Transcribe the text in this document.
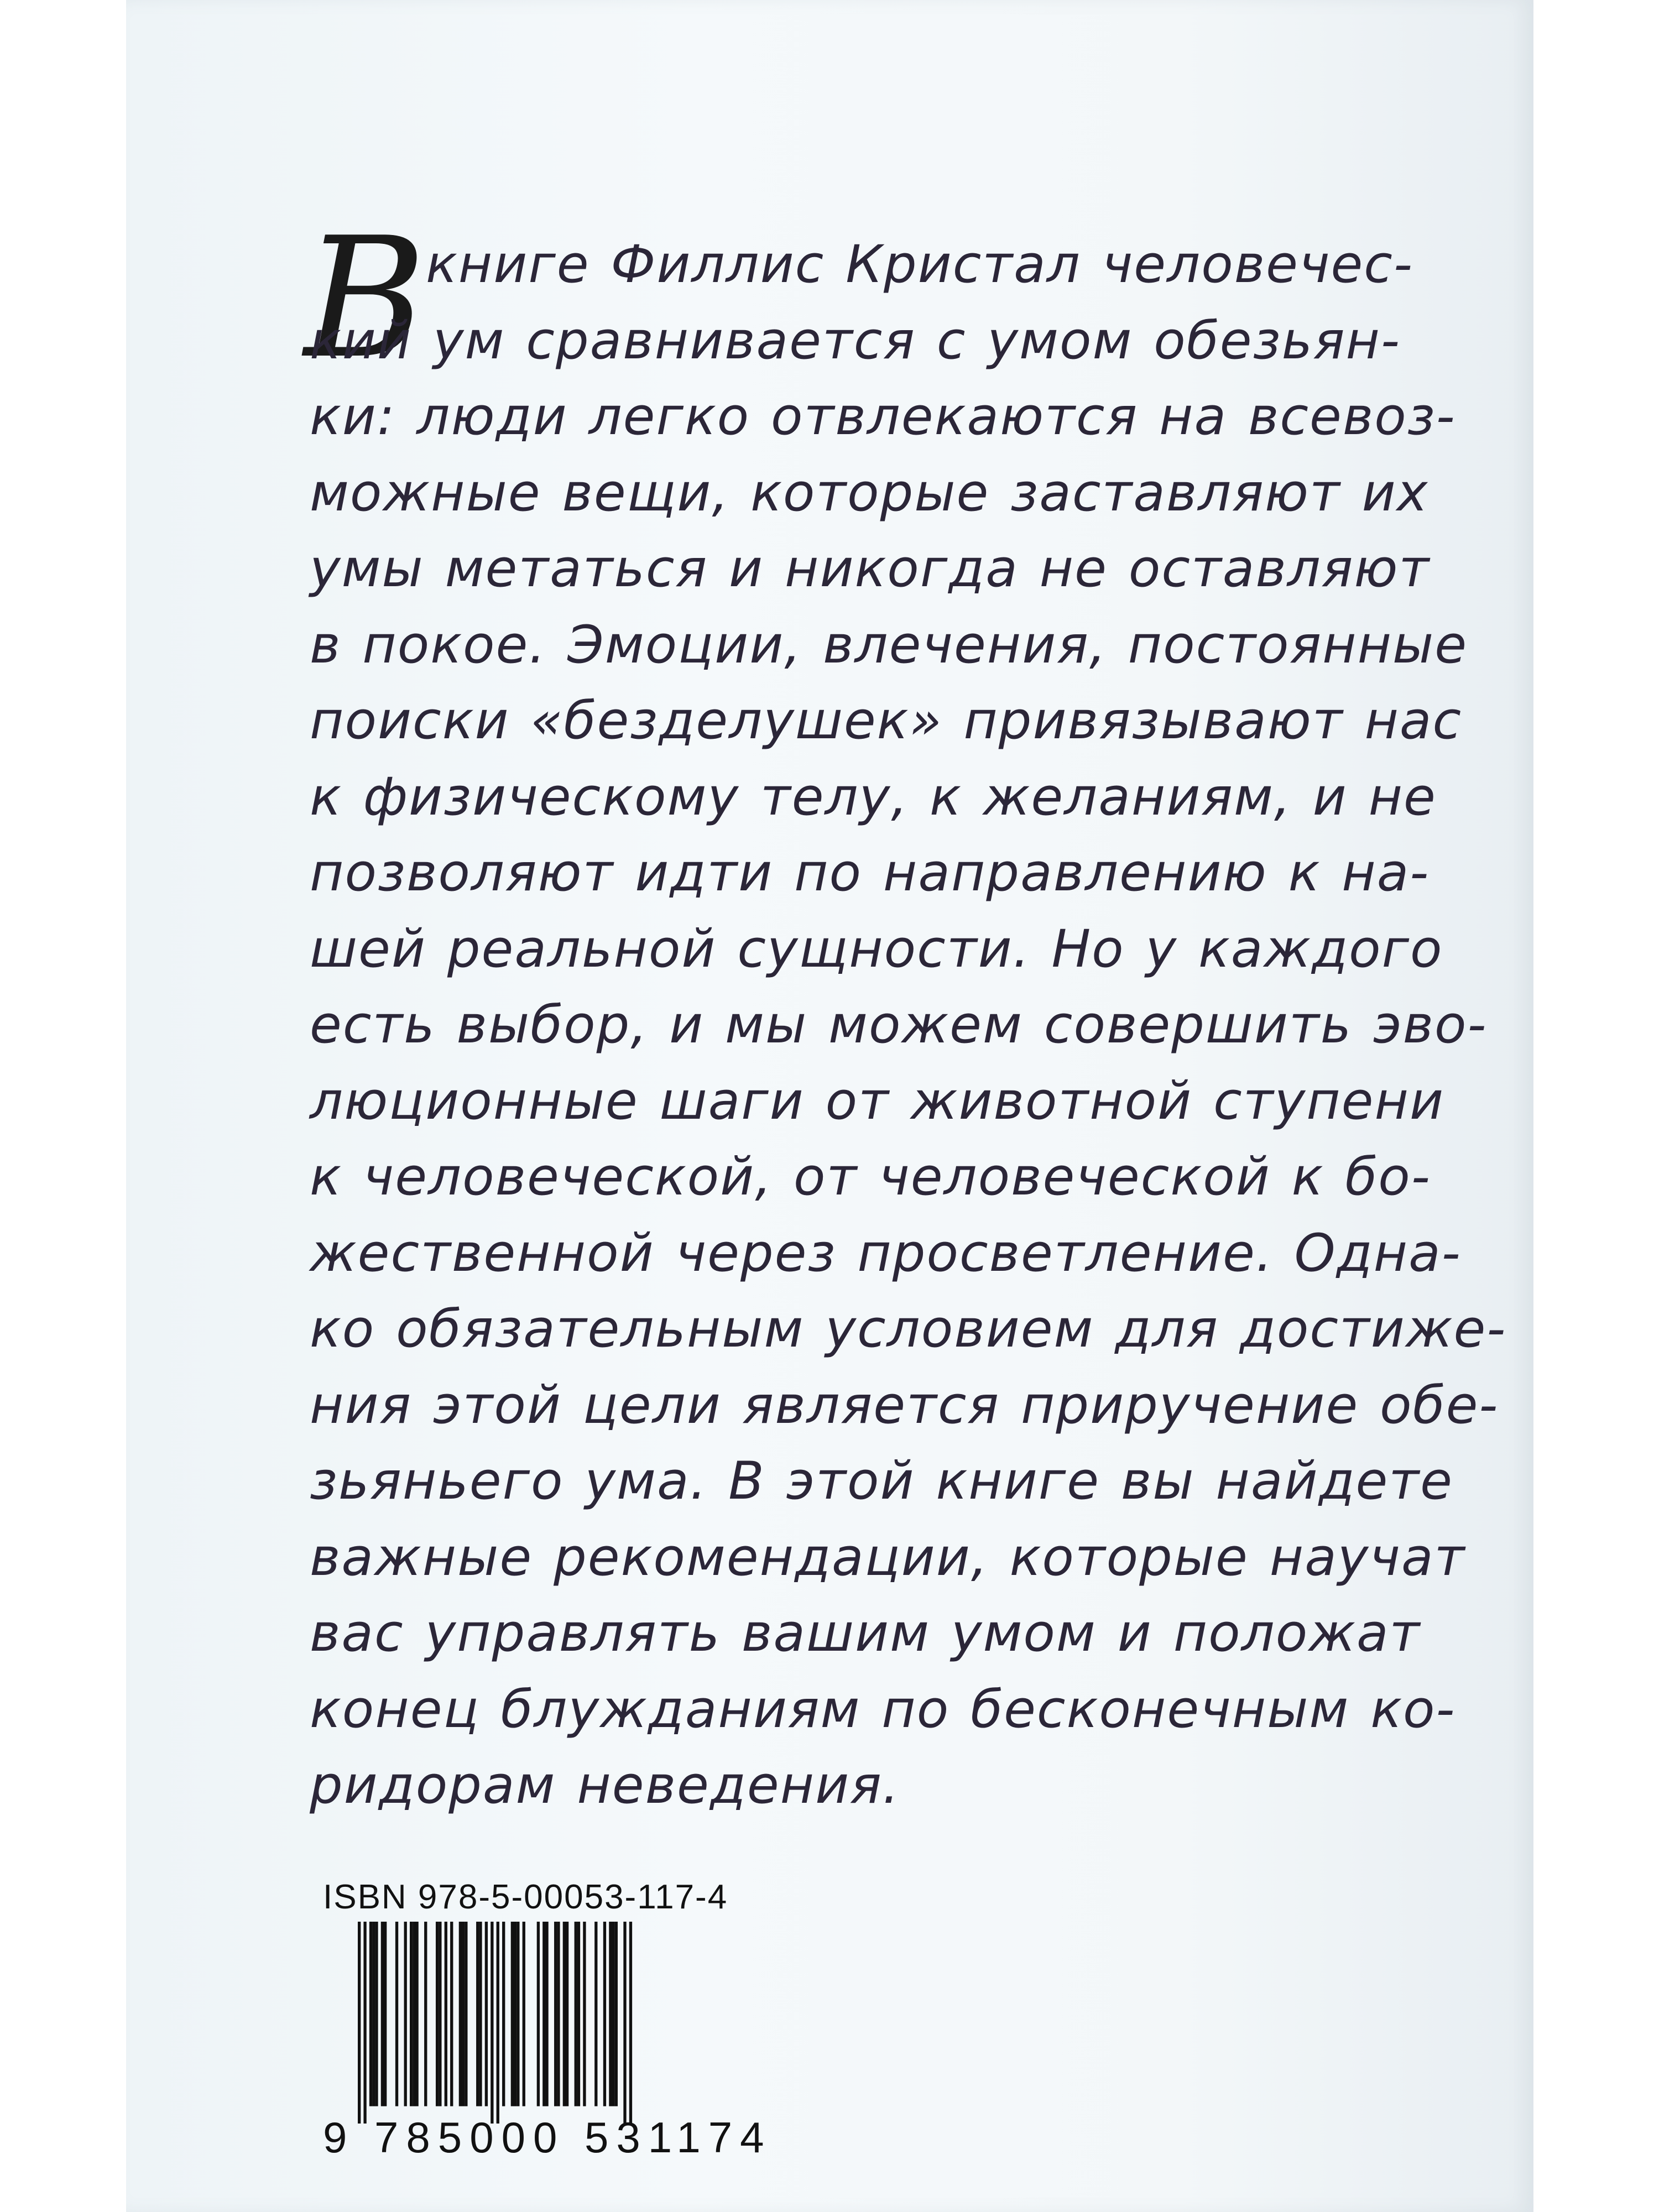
В книге Филлис Кристал человечес-
кий ум сравнивается с умом обезьян-
ки: люди легко отвлекаются на всевоз-
можные вещи, которые заставляют их
умы метаться и никогда не оставляют
в покое. Эмоции, влечения, постоянные
поиски «безделушек» привязывают нас
к физическому телу, к желаниям, и не
позволяют идти по направлению к на-
шей реальной сущности. Но у каждого
есть выбор, и мы можем совершить эво-
люционные шаги от животной ступени
к человеческой, от человеческой к бо-
жественной через просветление. Одна-
ко обязательным условием для достиже-
ния этой цели является приручение обе-
зьяньего ума. В этой книге вы найдете
важные рекомендации, которые научат
вас управлять вашим умом и положат
конец блужданиям по бесконечным ко-
ридорам неведения.
ISBN 978-5-00053-117-4
9 785000 531174
